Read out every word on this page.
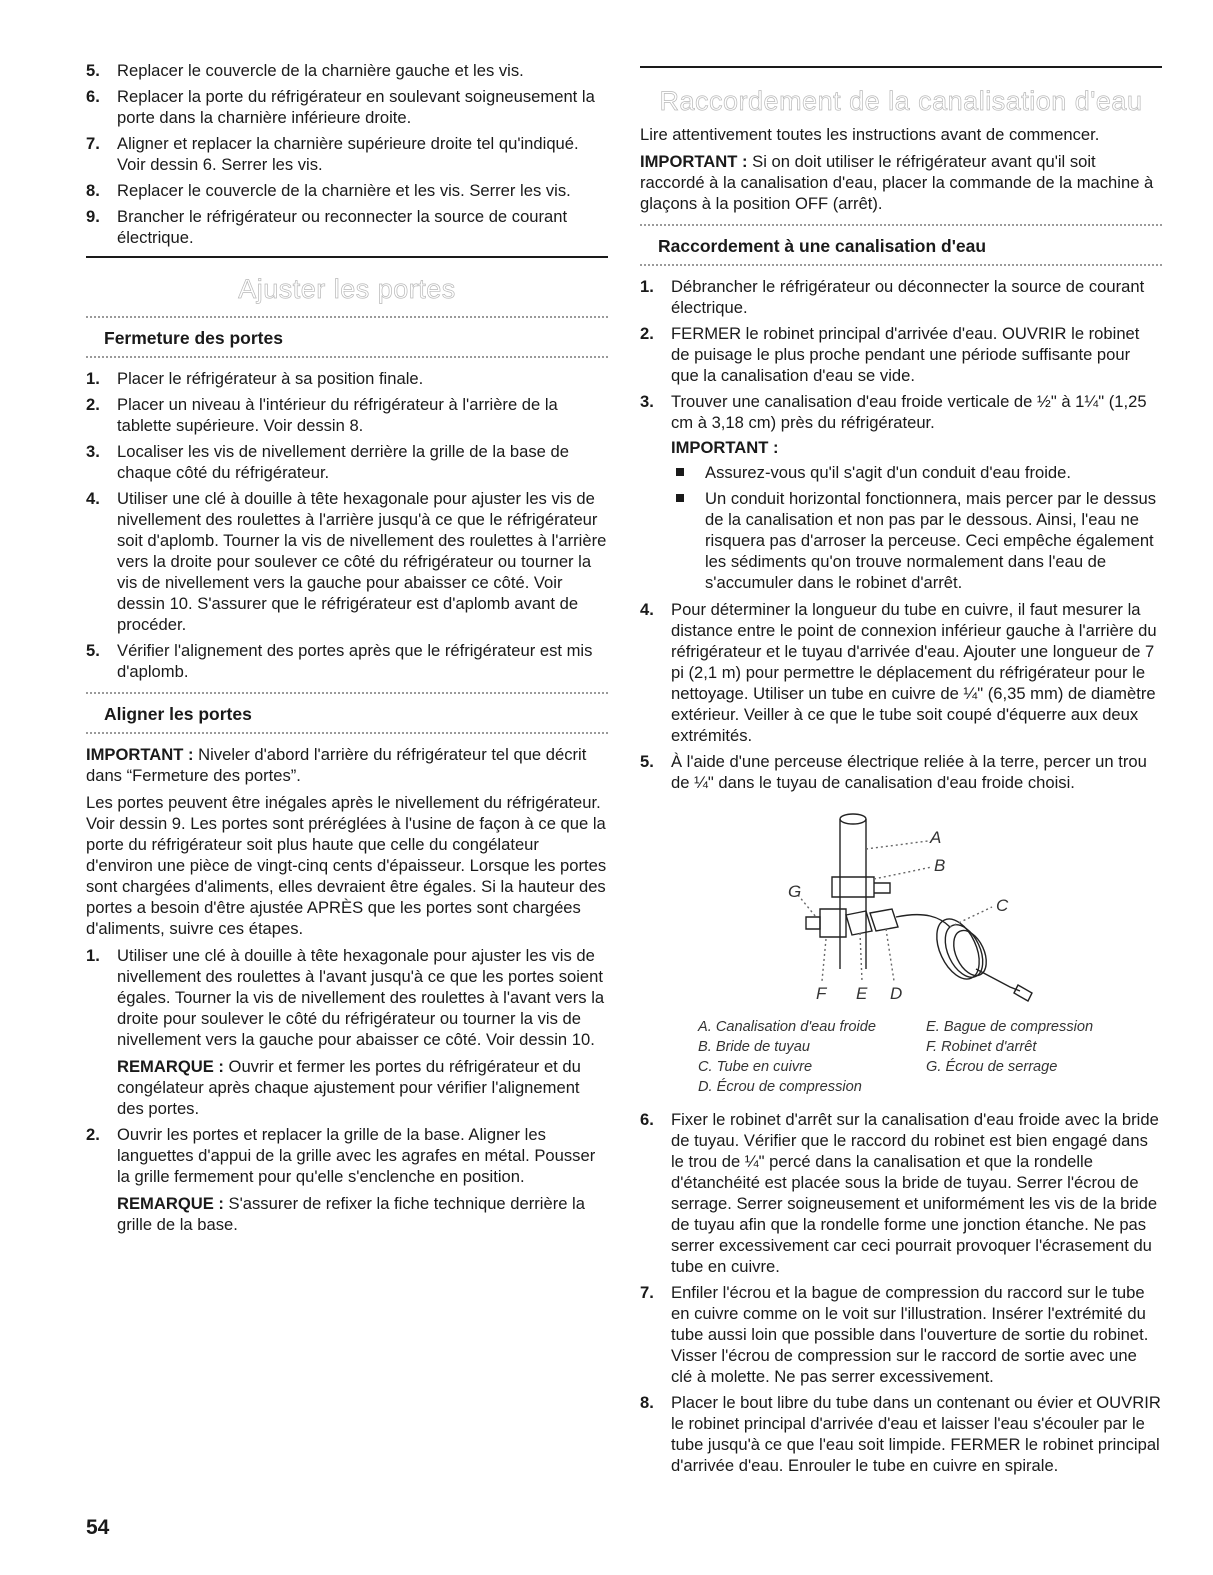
5. Replacer le couvercle de la charnière gauche et les vis.
6. Replacer la porte du réfrigérateur en soulevant soigneusement la porte dans la charnière inférieure droite.
7. Aligner et replacer la charnière supérieure droite tel qu'indiqué. Voir dessin 6. Serrer les vis.
8. Replacer le couvercle de la charnière et les vis. Serrer les vis.
9. Brancher le réfrigérateur ou reconnecter la source de courant électrique.
Ajuster les portes
Fermeture des portes
1. Placer le réfrigérateur à sa position finale.
2. Placer un niveau à l'intérieur du réfrigérateur à l'arrière de la tablette supérieure. Voir dessin 8.
3. Localiser les vis de nivellement derrière la grille de la base de chaque côté du réfrigérateur.
4. Utiliser une clé à douille à tête hexagonale pour ajuster les vis de nivellement des roulettes à l'arrière jusqu'à ce que le réfrigérateur soit d'aplomb. Tourner la vis de nivellement des roulettes à l'arrière vers la droite pour soulever ce côté du réfrigérateur ou tourner la vis de nivellement vers la gauche pour abaisser ce côté. Voir dessin 10. S'assurer que le réfrigérateur est d'aplomb avant de procéder.
5. Vérifier l'alignement des portes après que le réfrigérateur est mis d'aplomb.
Aligner les portes

IMPORTANT : Niveler d'abord l'arrière du réfrigérateur tel que décrit dans “Fermeture des portes”.

Les portes peuvent être inégales après le nivellement du réfrigérateur. Voir dessin 9. Les portes sont préréglées à l'usine de façon à ce que la porte du réfrigérateur soit plus haute que celle du congélateur d'environ une pièce de vingt-cinq cents d'épaisseur. Lorsque les portes sont chargées d'aliments, elles devraient être égales. Si la hauteur des portes a besoin d'être ajustée APRÈS que les portes sont chargées d'aliments, suivre ces étapes.

1. Utiliser une clé à douille à tête hexagonale pour ajuster les vis de nivellement des roulettes à l'avant jusqu'à ce que les portes soient égales. Tourner la vis de nivellement des roulettes à l'avant vers la droite pour soulever le côté du réfrigérateur ou tourner la vis de nivellement vers la gauche pour abaisser ce côté. Voir dessin 10.
REMARQUE : Ouvrir et fermer les portes du réfrigérateur et du congélateur après chaque ajustement pour vérifier l'alignement des portes.
2. Ouvrir les portes et replacer la grille de la base. Aligner les languettes d'appui de la grille avec les agrafes en métal. Pousser la grille fermement pour qu'elle s'enclenche en position.
REMARQUE : S'assurer de refixer la fiche technique derrière la grille de la base.
Raccordement de la canalisation d'eau

Lire attentivement toutes les instructions avant de commencer.

IMPORTANT : Si on doit utiliser le réfrigérateur avant qu'il soit raccordé à la canalisation d'eau, placer la commande de la machine à glaçons à la position OFF (arrêt).

Raccordement à une canalisation d'eau
1. Débrancher le réfrigérateur ou déconnecter la source de courant électrique.
2. FERMER le robinet principal d'arrivée d'eau. OUVRIR le robinet de puisage le plus proche pendant une période suffisante pour que la canalisation d'eau se vide.
3. Trouver une canalisation d'eau froide verticale de ½" à 1¼" (1,25 cm à 3,18 cm) près du réfrigérateur.
IMPORTANT :
Assurez-vous qu'il s'agit d'un conduit d'eau froide.
Un conduit horizontal fonctionnera, mais percer par le dessus de la canalisation et non pas par le dessous. Ainsi, l'eau ne risquera pas d'arroser la perceuse. Ceci empêche également les sédiments qu'on trouve normalement dans l'eau de s'accumuler dans le robinet d'arrêt.
4. Pour déterminer la longueur du tube en cuivre, il faut mesurer la distance entre le point de connexion inférieur gauche à l'arrière du réfrigérateur et le tuyau d'arrivée d'eau. Ajouter une longueur de 7 pi (2,1 m) pour permettre le déplacement du réfrigérateur pour le nettoyage. Utiliser un tube en cuivre de ¼" (6,35 mm) de diamètre extérieur. Veiller à ce que le tube soit coupé d'équerre aux deux extrémités.
5. À l'aide d'une perceuse électrique reliée à la terre, percer un trou de ¼" dans le tuyau de canalisation d'eau froide choisi.
A
B
C
G
F E D
A. Canalisation d'eau froide	E. Bague de compression
B. Bride de tuyau	F. Robinet d'arrêt
C. Tube en cuivre	G. Écrou de serrage
D. Écrou de compression
6. Fixer le robinet d'arrêt sur la canalisation d'eau froide avec la bride de tuyau. Vérifier que le raccord du robinet est bien engagé dans le trou de ¼" percé dans la canalisation et que la rondelle d'étanchéité est placée sous la bride de tuyau. Serrer l'écrou de serrage. Serrer soigneusement et uniformément les vis de la bride de tuyau afin que la rondelle forme une jonction étanche. Ne pas serrer excessivement car ceci pourrait provoquer l'écrasement du tube en cuivre.
7. Enfiler l'écrou et la bague de compression du raccord sur le tube en cuivre comme on le voit sur l'illustration. Insérer l'extrémité du tube aussi loin que possible dans l'ouverture de sortie du robinet. Visser l'écrou de compression sur le raccord de sortie avec une clé à molette. Ne pas serrer excessivement.
8. Placer le bout libre du tube dans un contenant ou évier et OUVRIR le robinet principal d'arrivée d'eau et laisser l'eau s'écouler par le tube jusqu'à ce que l'eau soit limpide. FERMER le robinet principal d'arrivée d'eau. Enrouler le tube en cuivre en spirale.
54
